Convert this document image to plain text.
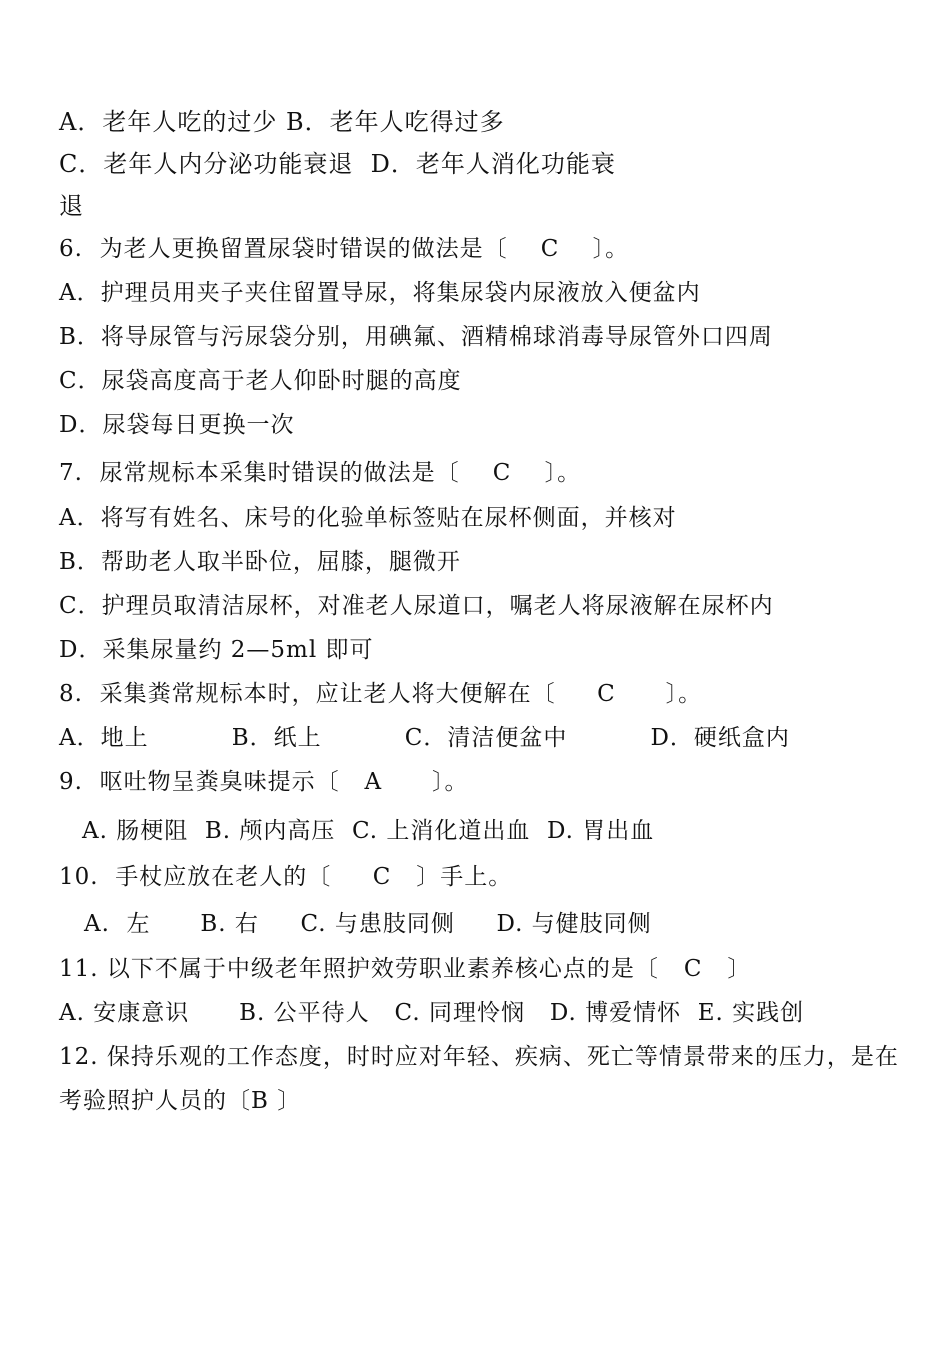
A．老年人吃的过少 B．老年人吃得过多
C．老年人内分泌功能衰退  D．老年人消化功能衰
退
6.  为老人更换留置尿袋时错误的做法是〔    C    〕。
A．护理员用夹子夹住留置导尿，将集尿袋内尿液放入便盆内
B．将导尿管与污尿袋分别，用碘氟、酒精棉球消毒导尿管外口四周
C．尿袋高度高于老人仰卧时腿的高度
D．尿袋每日更换一次
7.  尿常规标本采集时错误的做法是〔    C    〕。
A．将写有姓名、床号的化验单标签贴在尿杯侧面，并核对
B．帮助老人取半卧位，屈膝，腿微开
C．护理员取清洁尿杯，对准老人尿道口，嘱老人将尿液解在尿杯内
D．采集尿量约 2—5ml 即可
8.  采集粪常规标本时，应让老人将大便解在〔     C      〕。
A．地上          B．纸上          C．清洁便盆中          D．硬纸盒内
9.  呕吐物呈粪臭味提示〔   A      〕。
A. 肠梗阻  B. 颅内高压  C. 上消化道出血  D. 胃出血
10.  手杖应放在老人的〔     C   〕手上。
A.  左      B. 右     C. 与患肢同侧     D. 与健肢同侧
11. 以下不属于中级老年照护效劳职业素养核心点的是〔   C   〕
A. 安康意识      B. 公平待人   C. 同理怜悯   D. 博爱情怀  E. 实践创
12. 保持乐观的工作态度，时时应对年轻、疾病、死亡等情景带来的压力，是在
考验照护人员的〔B 〕
